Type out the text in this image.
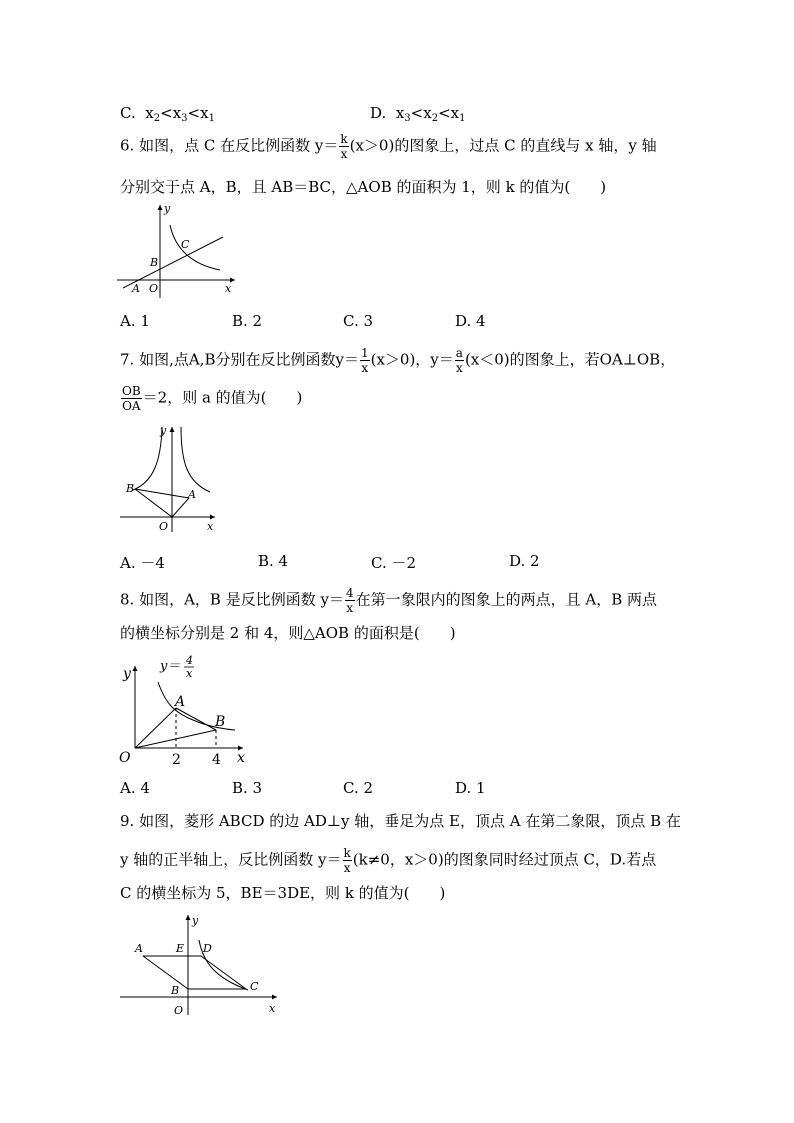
C. $x_2<x_3<x_1$	D. $x_3<x_2<x_1$
6. 如图，点 C 在反比例函数 $y= \frac{k}{x} (x>0)$的图象上，过点 C 的直线与 x 轴，y 轴
分别交于点 A，B，且 AB＝BC，△AOB 的面积为 1，则 k 的值为(　　)
y
C
B
A O	x
A. 1	B. 2	C. 3	D. 4
7. 如图,点A,B分别在反比例函数$y= \frac{1}{x} (x>0)$，$y= \frac{a}{x} (x<0)$的图象上，若OA⊥OB，
$\frac{OB}{OA} =2$，则 a 的值为(　　)
y
B	A
O	x
A. －4	B. 4	C. －2	D. 2
8. 如图，A，B 是反比例函数 $y= \frac{4}{x}$ 在第一象限内的图象上的两点，且 A，B 两点
的横坐标分别是 2 和 4，则△AOB 的面积是(　　)
y y＝ 4
x
A
B
O	x
2 4
A. 4	B. 3	C. 2	D. 1
9. 如图，菱形 ABCD 的边 AD⊥y 轴，垂足为点 E，顶点 A 在第二象限，顶点 B 在
y 轴的正半轴上，反比例函数 $y= \frac{k}{x} (k\ne 0$，x＞0)的图象同时经过顶点 C，D.若点
C 的横坐标为 5，BE＝3DE，则 k 的值为(　　)
y
A	E D
C
B
O	x
